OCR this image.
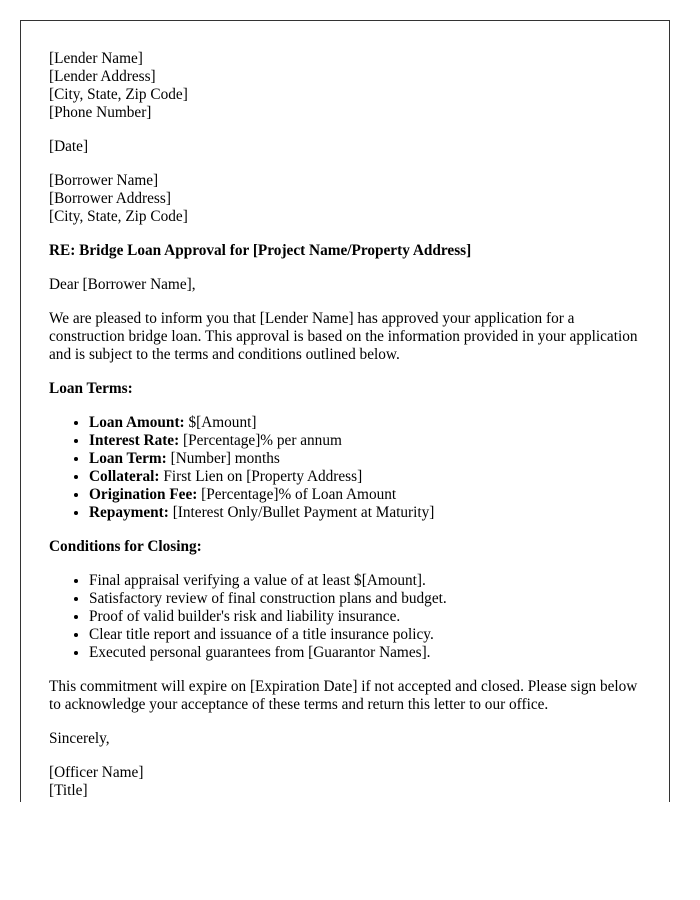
[Lender Name]
[Lender Address]
[City, State, Zip Code]
[Phone Number]

[Date]

[Borrower Name]
[Borrower Address]
[City, State, Zip Code]

RE: Bridge Loan Approval for [Project Name/Property Address]

Dear [Borrower Name],

We are pleased to inform you that [Lender Name] has approved your application for a construction bridge loan. This approval is based on the information provided in your application and is subject to the terms and conditions outlined below.

Loan Terms:

• Loan Amount: $[Amount]
• Interest Rate: [Percentage]% per annum
• Loan Term: [Number] months
• Collateral: First Lien on [Property Address]
• Origination Fee: [Percentage]% of Loan Amount
• Repayment: [Interest Only/Bullet Payment at Maturity]

Conditions for Closing:

• Final appraisal verifying a value of at least $[Amount].
• Satisfactory review of final construction plans and budget.
• Proof of valid builder's risk and liability insurance.
• Clear title report and issuance of a title insurance policy.
• Executed personal guarantees from [Guarantor Names].

This commitment will expire on [Expiration Date] if not accepted and closed. Please sign below to acknowledge your acceptance of these terms and return this letter to our office.

Sincerely,

[Officer Name]
[Title]
